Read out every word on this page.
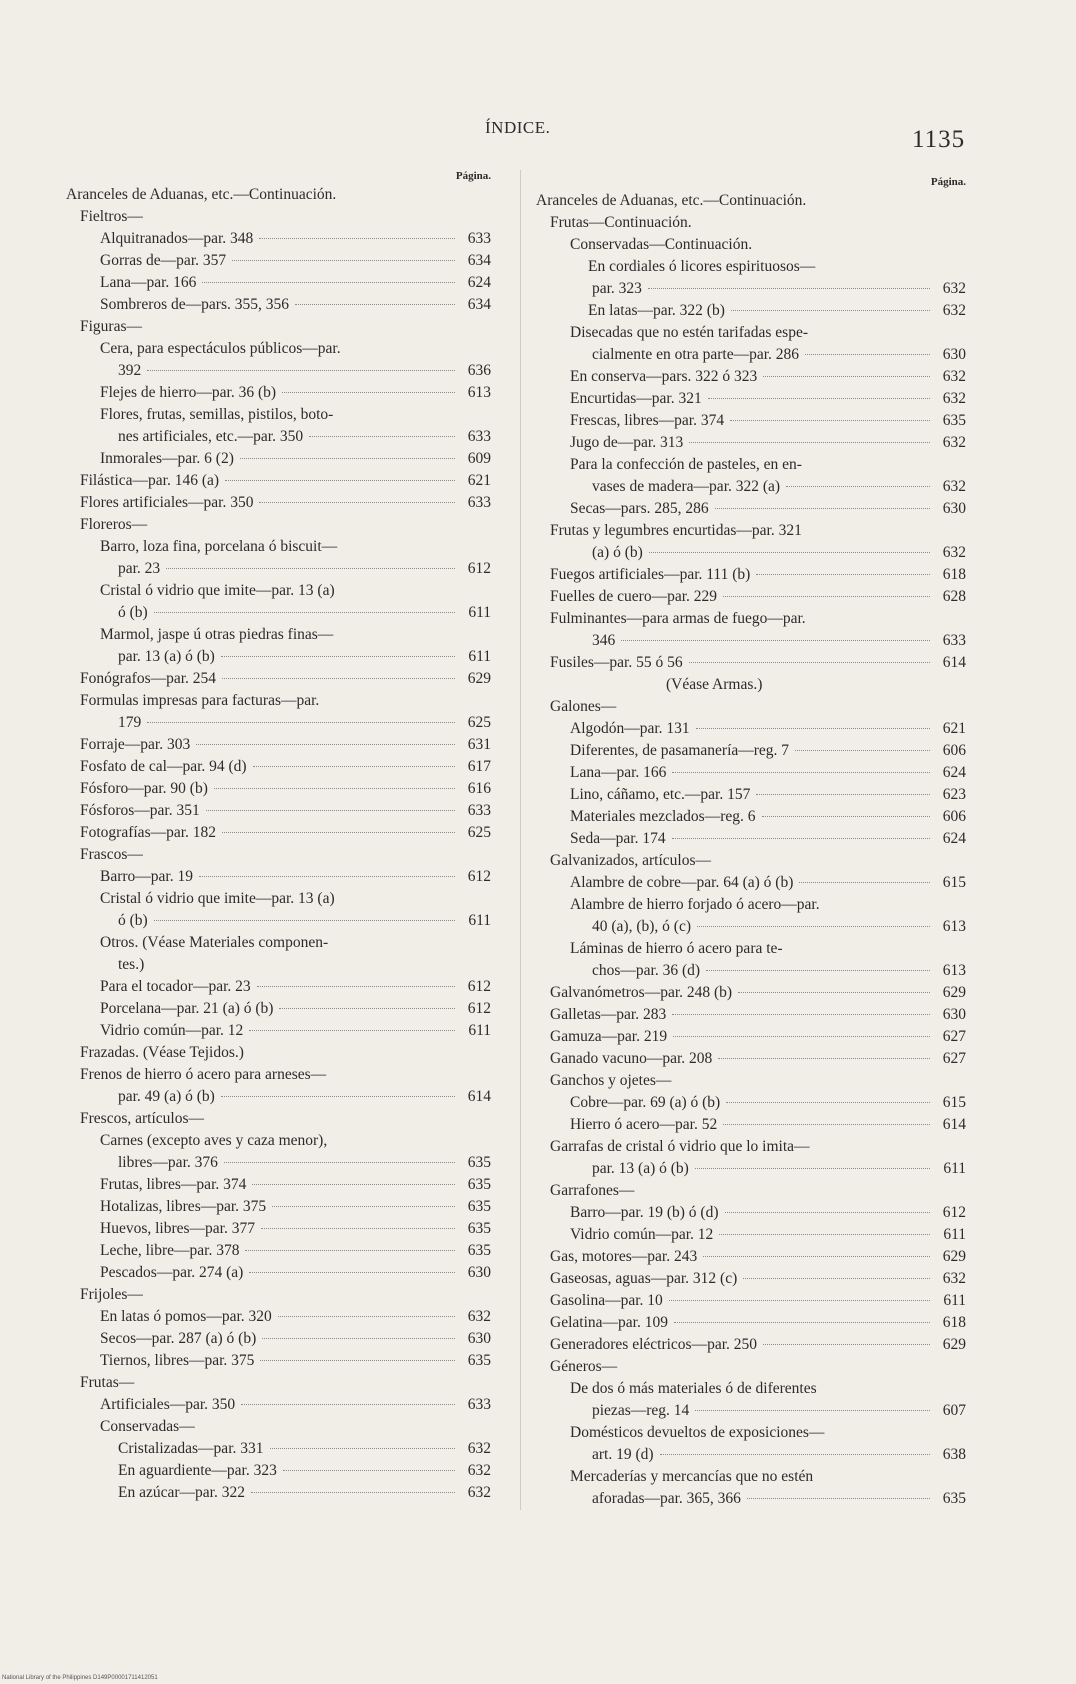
ÍNDICE.	1135
Página.
Aranceles de Aduanas, etc.—Continuación.
Fieltros—
Alquitranados—par. 348	633
Gorras de—par. 357	634
Lana—par. 166	624
Sombreros de—pars. 355, 356	634
Figuras—
Cera, para espectáculos públicos—par.
392	636
Flejes de hierro—par. 36 (b)	613
Flores, frutas, semillas, pistilos, boto-
nes artificiales, etc.—par. 350	633
Inmorales—par. 6 (2)	609
Filástica—par. 146 (a)	621
Flores artificiales—par. 350	633
Floreros—
Barro, loza fina, porcelana ó biscuit—
par. 23	612
Cristal ó vidrio que imite—par. 13 (a)
ó (b)	611
Marmol, jaspe ú otras piedras finas—
par. 13 (a) ó (b)	611
Fonógrafos—par. 254	629
Formulas impresas para facturas—par.
179	625
Forraje—par. 303	631
Fosfato de cal—par. 94 (d)	617
Fósforo—par. 90 (b)	616
Fósforos—par. 351	633
Fotografías—par. 182	625
Frascos—
Barro—par. 19	612
Cristal ó vidrio que imite—par. 13 (a)
ó (b)	611
Otros. (Véase Materiales componen-
tes.)
Para el tocador—par. 23	612
Porcelana—par. 21 (a) ó (b)	612
Vidrio común—par. 12	611
Frazadas. (Véase Tejidos.)
Frenos de hierro ó acero para arneses—
par. 49 (a) ó (b)	614
Frescos, artículos—
Carnes (excepto aves y caza menor),
libres—par. 376	635
Frutas, libres—par. 374	635
Hotalizas, libres—par. 375	635
Huevos, libres—par. 377	635
Leche, libre—par. 378	635
Pescados—par. 274 (a)	630
Frijoles—
En latas ó pomos—par. 320	632
Secos—par. 287 (a) ó (b)	630
Tiernos, libres—par. 375	635
Frutas—
Artificiales—par. 350	633
Conservadas—
Cristalizadas—par. 331	632
En aguardiente—par. 323	632
En azúcar—par. 322	632
Página.
Aranceles de Aduanas, etc.—Continuación.
Frutas—Continuación.
Conservadas—Continuación.
En cordiales ó licores espirituosos—
par. 323	632
En latas—par. 322 (b)	632
Disecadas que no estén tarifadas espe-
cialmente en otra parte—par. 286	630
En conserva—pars. 322 ó 323	632
Encurtidas—par. 321	632
Frescas, libres—par. 374	635
Jugo de—par. 313	632
Para la confección de pasteles, en en-
vases de madera—par. 322 (a)	632
Secas—pars. 285, 286	630
Frutas y legumbres encurtidas—par. 321
(a) ó (b)	632
Fuegos artificiales—par. 111 (b)	618
Fuelles de cuero—par. 229	628
Fulminantes—para armas de fuego—par.
346	633
Fusiles—par. 55 ó 56	614
(Véase Armas.)
Galones—
Algodón—par. 131	621
Diferentes, de pasamanería—reg. 7	606
Lana—par. 166	624
Lino, cáñamo, etc.—par. 157	623
Materiales mezclados—reg. 6	606
Seda—par. 174	624
Galvanizados, artículos—
Alambre de cobre—par. 64 (a) ó (b)	615
Alambre de hierro forjado ó acero—par.
40 (a), (b), ó (c)	613
Láminas de hierro ó acero para te-
chos—par. 36 (d)	613
Galvanómetros—par. 248 (b)	629
Galletas—par. 283	630
Gamuza—par. 219	627
Ganado vacuno—par. 208	627
Ganchos y ojetes—
Cobre—par. 69 (a) ó (b)	615
Hierro ó acero—par. 52	614
Garrafas de cristal ó vidrio que lo imita—
par. 13 (a) ó (b)	611
Garrafones—
Barro—par. 19 (b) ó (d)	612
Vidrio común—par. 12	611
Gas, motores—par. 243	629
Gaseosas, aguas—par. 312 (c)	632
Gasolina—par. 10	611
Gelatina—par. 109	618
Generadores eléctricos—par. 250	629
Géneros—
De dos ó más materiales ó de diferentes
piezas—reg. 14	607
Domésticos devueltos de exposiciones—
art. 19 (d)	638
Mercaderías y mercancías que no estén
aforadas—par. 365, 366	635
National Library of the Philippines D149P00001711412051
